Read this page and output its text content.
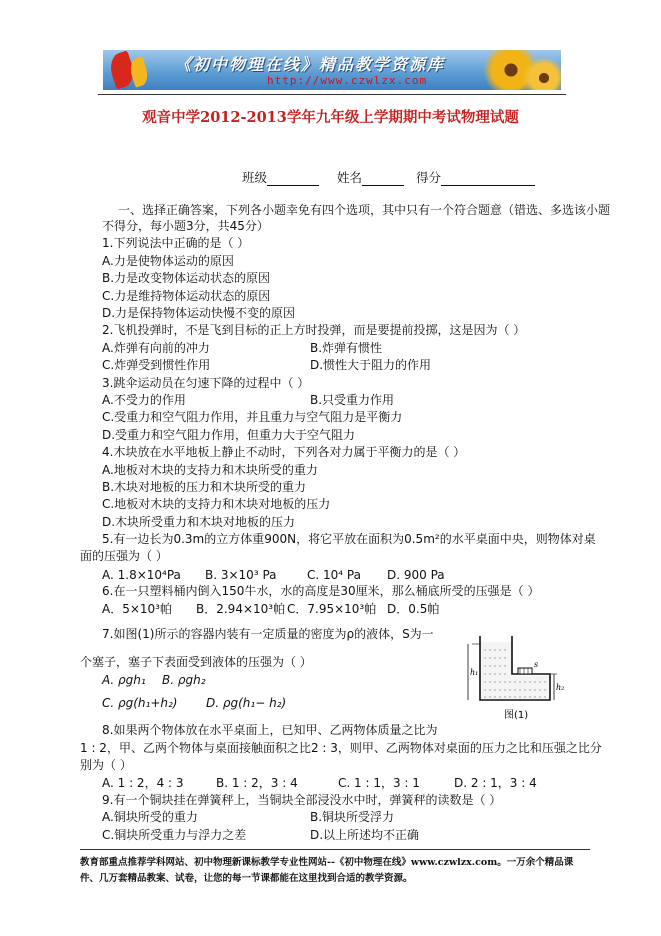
《初中物理在线》精品教学资源库
http://www.czwlzx.com
观音中学2012-2013学年九年级上学期期中考试物理试题
班级	姓名	得分
一、选择正确答案，下列各小题幸免有四个选项，其中只有一个符合题意（错选、多选该小题
不得分，每小题3分，共45分）
1.下列说法中正确的是（ ）
A.力是使物体运动的原因
B.力是改变物体运动状态的原因
C.力是维持物体运动状态的原因
D.力是保持物体运动快慢不变的原因
2.飞机投弹时，不是飞到目标的正上方时投弹，而是要提前投掷，这是因为（ ）
A.炸弹有向前的冲力	B.炸弹有惯性
C.炸弹受到惯性作用	D.惯性大于阻力的作用
3.跳伞运动员在匀速下降的过程中（ ）
A.不受力的作用	B.只受重力作用
C.受重力和空气阻力作用，并且重力与空气阻力是平衡力
D.受重力和空气阻力作用，但重力大于空气阻力
4.木块放在水平地板上静止不动时，下列各对力属于平衡力的是（ ）
A.地板对木块的支持力和木块所受的重力
B.木块对地板的压力和木块所受的重力
C.地板对木块的支持力和木块对地板的压力
D.木块所受重力和木块对地板的压力
5.有一边长为0.3m的立方体重900N，将它平放在面积为0.5m²的水平桌面中央，则物体对桌
面的压强为（ ）
A. 1.8×10⁴Pa B. 3×10³ Pa	C. 10⁴ Pa D. 900 Pa
6.在一只塑料桶内倒入150牛水，水的高度是30厘米，那么桶底所受的压强是（ ）
A．5×10³帕 B．2.94×10³帕 C．7.95×10³帕 D．0.5帕
7.如图(1)所示的容器内装有一定质量的密度为ρ的液体，S为一
个塞子，塞子下表面受到液体的压强为（ ）
A. ρgh₁ B. ρgh₂
C. ρg(h₁+h₂) D. ρg(h₁− h₂)
s
h₁
h₂
图(1)
8.如果两个物体放在水平桌面上，已知甲、乙两物体质量之比为
1 : 2，甲、乙两个物体与桌面接触面积之比2 : 3，则甲、乙两物体对桌面的压力之比和压强之比分
别为（ ）
A. 1 : 2，4 : 3	B. 1 : 2，3 : 4	C. 1 : 1，3 : 1	D. 2 : 1，3 : 4
9.有一个铜块挂在弹簧秤上，当铜块全部浸没水中时，弹簧秤的读数是（ ）
A.铜块所受的重力	B.铜块所受浮力
C.铜块所受重力与浮力之差	D.以上所述均不正确
教育部重点推荐学科网站、初中物理新课标教学专业性网站--《初中物理在线》www.czwlzx.com。一万余个精品课
件、几万套精品教案、试卷，让您的每一节课都能在这里找到合适的教学资源。
